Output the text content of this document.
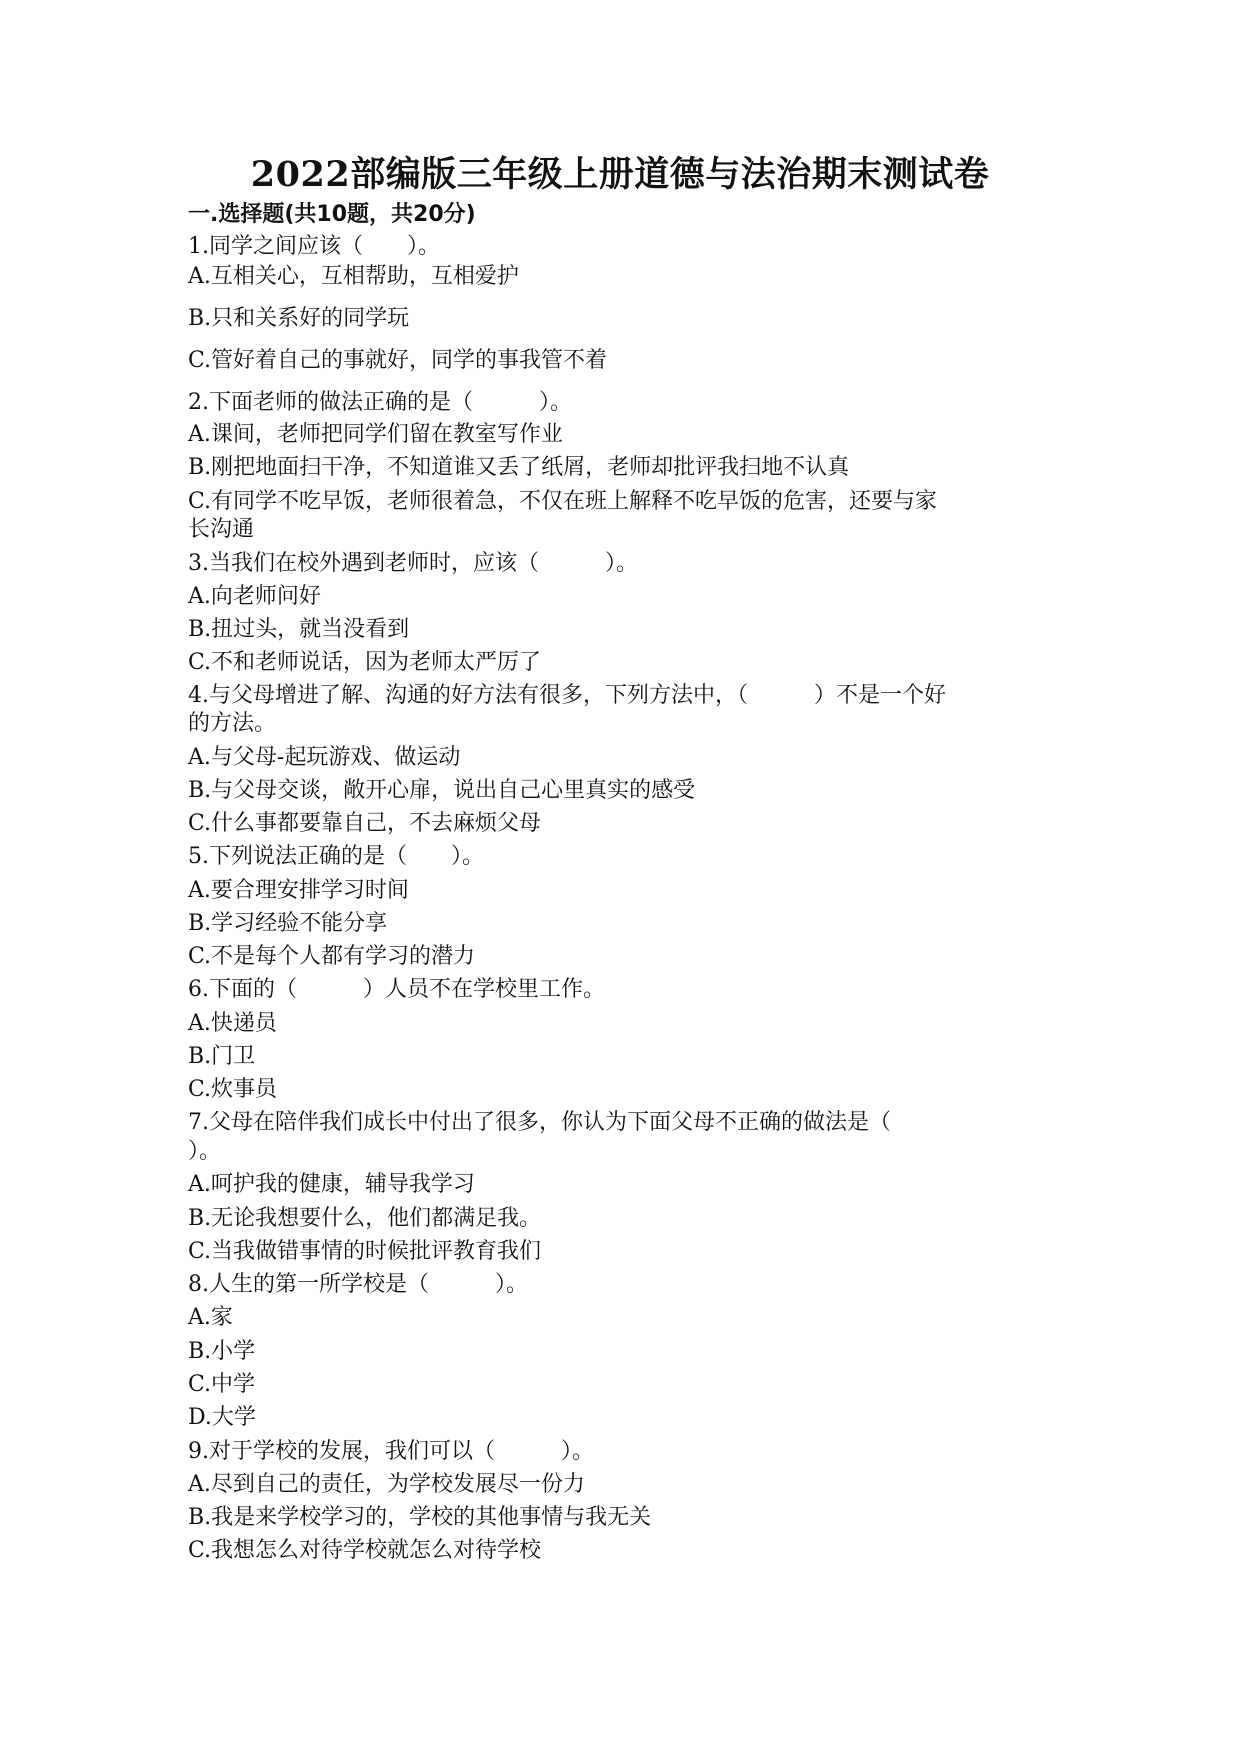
2022部编版三年级上册道德与法治期末测试卷
一.选择题(共10题，共20分)
1.同学之间应该（　　）。
A.互相关心，互相帮助，互相爱护
B.只和关系好的同学玩
C.管好着自己的事就好，同学的事我管不着
2.下面老师的做法正确的是（　　　）。
A.课间，老师把同学们留在教室写作业
B.刚把地面扫干净，不知道谁又丢了纸屑，老师却批评我扫地不认真
C.有同学不吃早饭，老师很着急，不仅在班上解释不吃早饭的危害，还要与家
长沟通
3.当我们在校外遇到老师时，应该（　　　）。
A.向老师问好
B.扭过头，就当没看到
C.不和老师说话，因为老师太严厉了
4.与父母增进了解、沟通的好方法有很多，下列方法中，（　　　）不是一个好
的方法。
A.与父母-起玩游戏、做运动
B.与父母交谈，敞开心扉，说出自己心里真实的感受
C.什么事都要靠自己，不去麻烦父母
5.下列说法正确的是（　　）。
A.要合理安排学习时间
B.学习经验不能分享
C.不是每个人都有学习的潜力
6.下面的（　　　）人员不在学校里工作。
A.快递员
B.门卫
C.炊事员
7.父母在陪伴我们成长中付出了很多，你认为下面父母不正确的做法是（
）。
A.呵护我的健康，辅导我学习
B.无论我想要什么，他们都满足我。
C.当我做错事情的时候批评教育我们
8.人生的第一所学校是（　　　）。
A.家
B.小学
C.中学
D.大学
9.对于学校的发展，我们可以（　　　）。
A.尽到自己的责任，为学校发展尽一份力
B.我是来学校学习的，学校的其他事情与我无关
C.我想怎么对待学校就怎么对待学校
